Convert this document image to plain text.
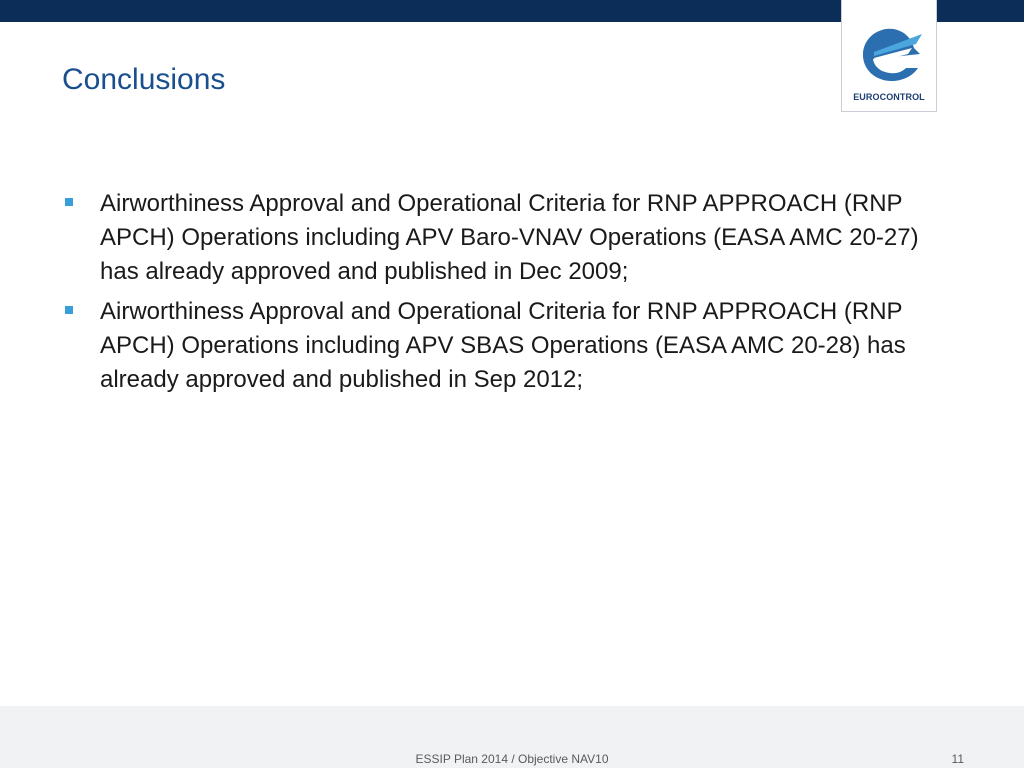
EUROCONTROL
Conclusions
Airworthiness Approval and Operational Criteria for RNP APPROACH (RNP APCH) Operations including APV Baro-VNAV Operations (EASA AMC 20-27) has already approved and published in Dec 2009;
Airworthiness Approval and Operational Criteria for RNP APPROACH (RNP APCH) Operations including APV SBAS Operations (EASA AMC 20-28) has already approved and published in Sep 2012;
ESSIP Plan 2014 / Objective NAV10	11
